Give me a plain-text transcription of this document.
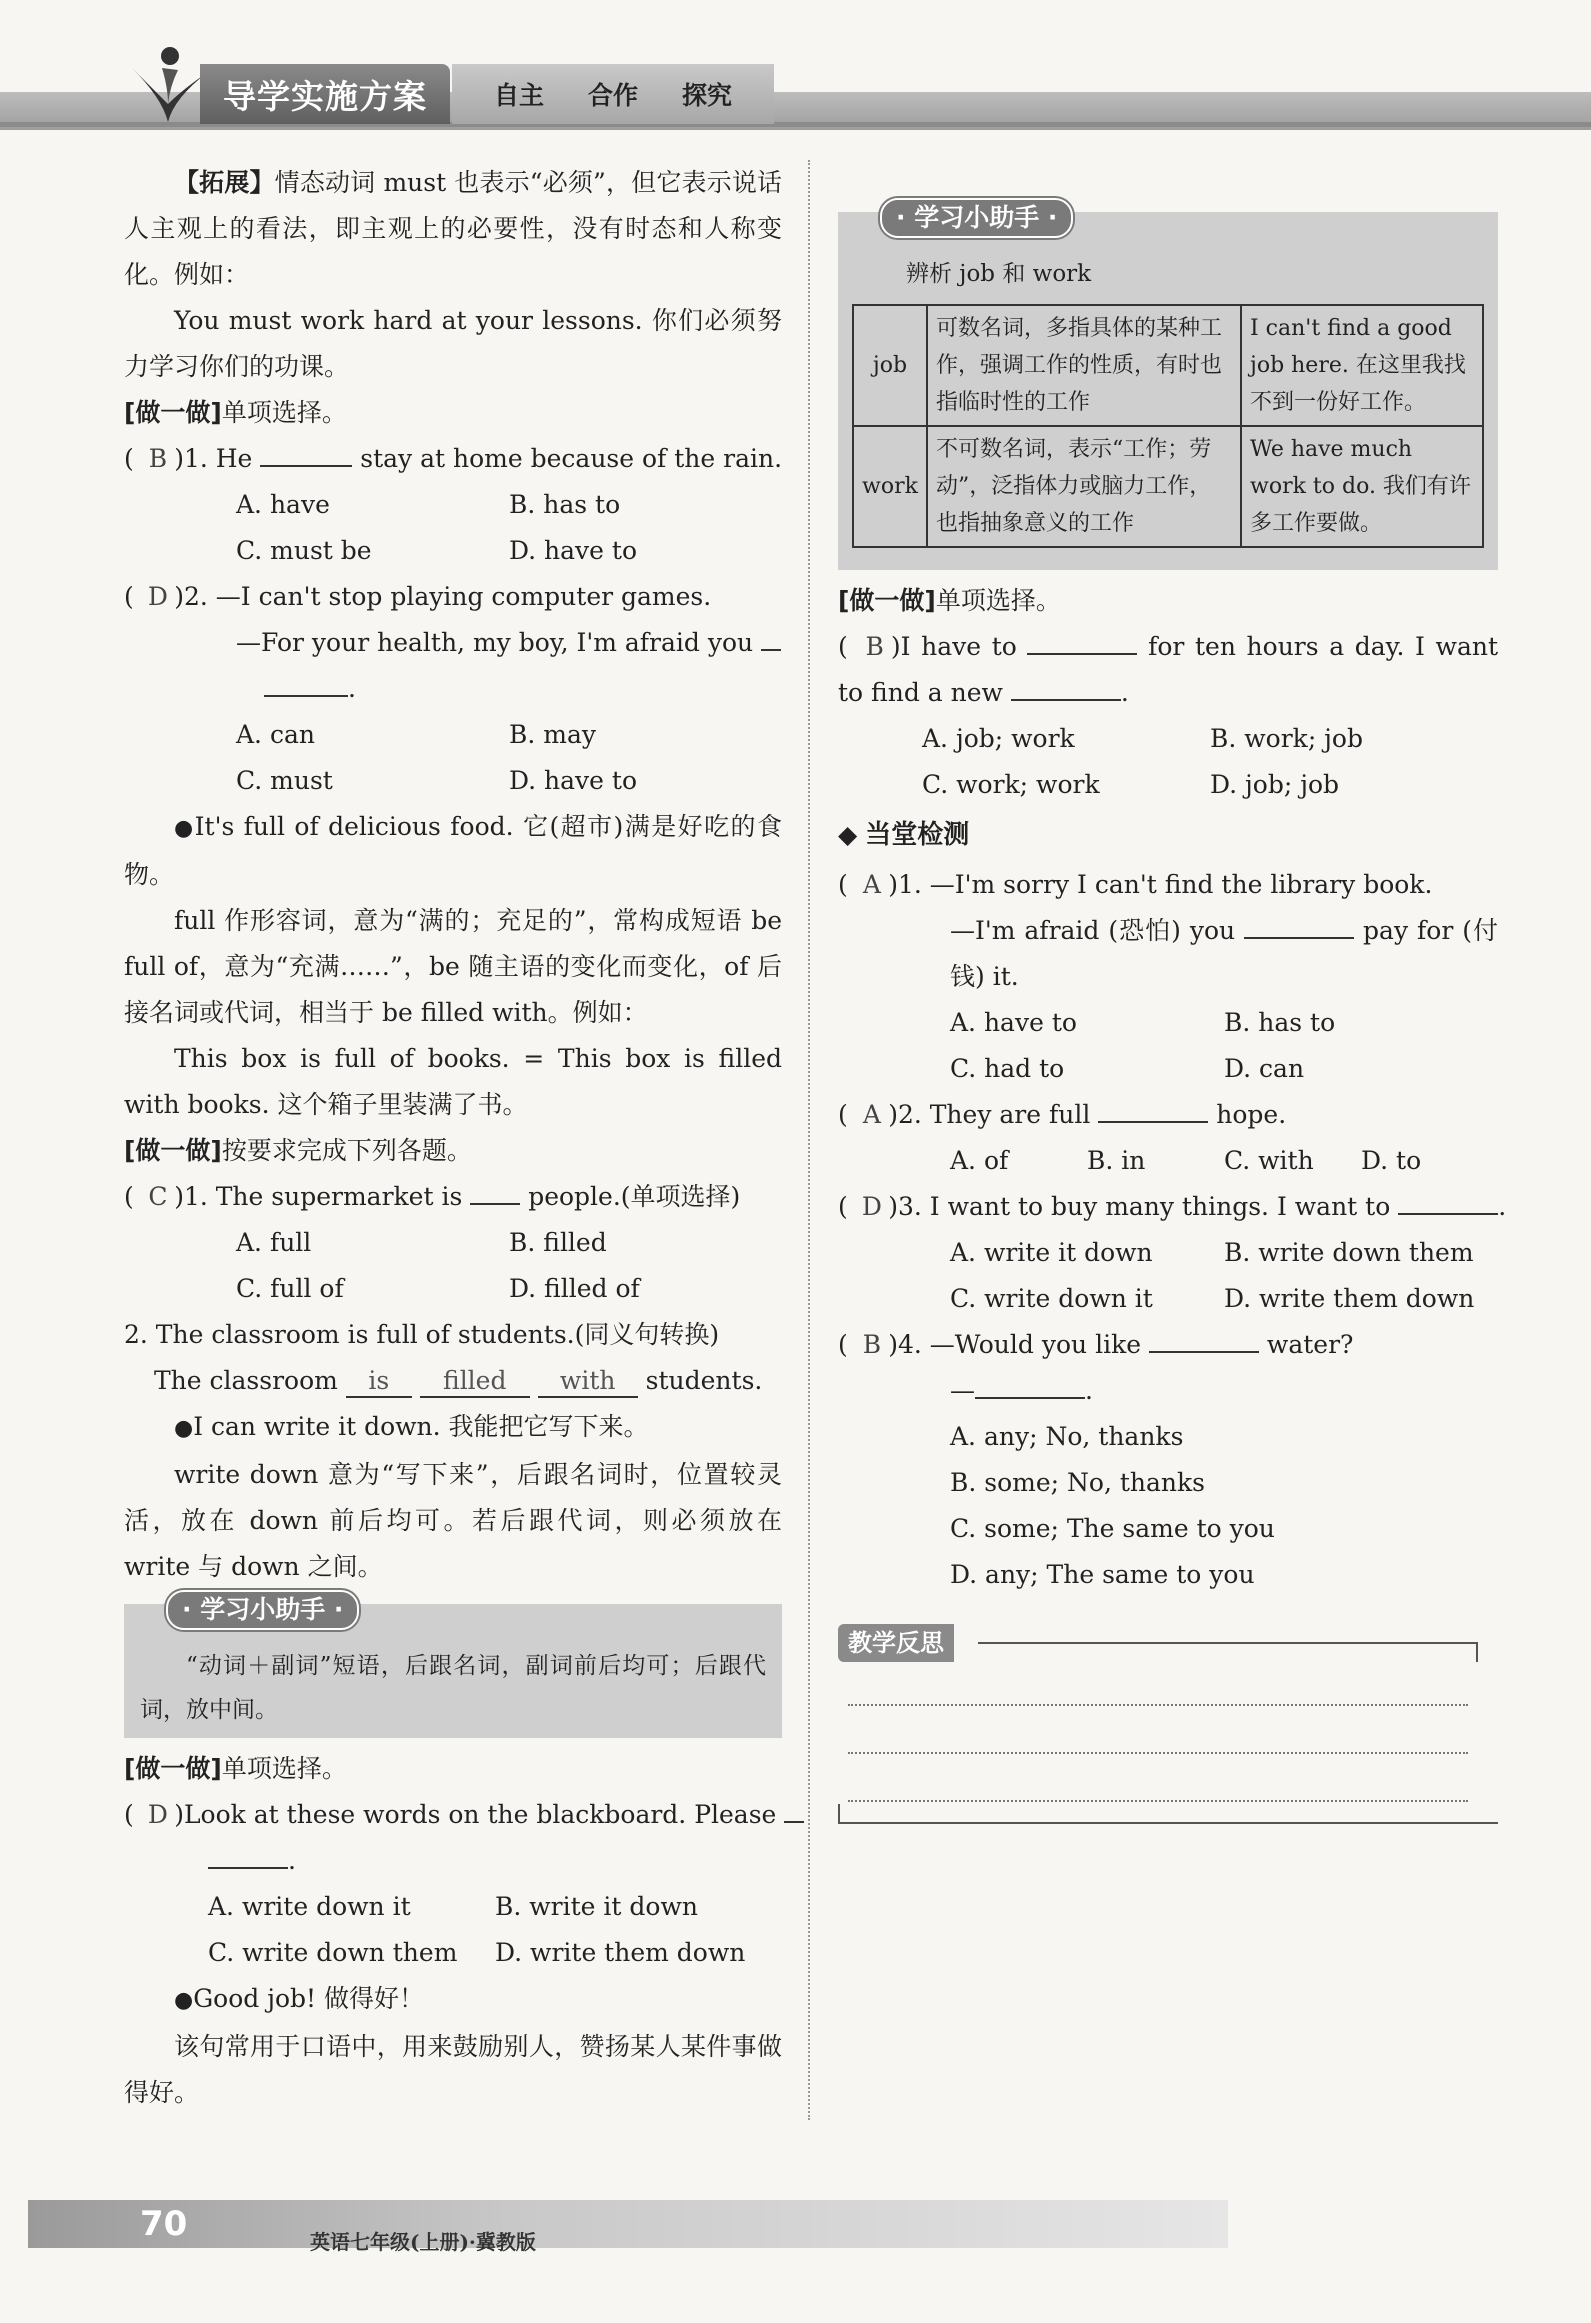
导学实施方案	自主 合作 探究
【拓展】情态动词 must 也表示“必须”，但它表示说话人主观上的看法，即主观上的必要性，没有时态和人称变化。例如：
You must work hard at your lessons. 你们必须努力学习你们的功课。
[做一做]单项选择。
( B )1. He	stay at home because of the rain.
A. have	B. has to
C. must be	D. have to
( D )2. —I can't stop playing computer games.
—For your health, my boy, I'm afraid you
.
A. can	B. may
C. must	D. have to
●It's full of delicious food. 它(超市)满是好吃的食物。
full 作形容词，意为“满的；充足的”，常构成短语 be full of，意为“充满……”，be 随主语的变化而变化，of 后接名词或代词，相当于 be filled with。例如：
This box is full of books. = This box is filled with books. 这个箱子里装满了书。
[做一做]按要求完成下列各题。
( C )1. The supermarket is	people.(单项选择)
A. full	B. filled
C. full of	D. filled of
2. The classroom is full of students.(同义句转换)
The classroom is filled with students.
●I can write it down. 我能把它写下来。
write down 意为“写下来”，后跟名词时，位置较灵活，放在 down 前后均可。若后跟代词，则必须放在 write 与 down 之间。
· 学习小助手 ·
“动词＋副词”短语，后跟名词，副词前后均可；后跟代词，放中间。
[做一做]单项选择。
( D )Look at these words on the blackboard. Please
.
A. write down it	B. write it down
C. write down them	D. write them down
●Good job! 做得好！
该句常用于口语中，用来鼓励别人，赞扬某人某件事做得好。
· 学习小助手 ·
辨析 job 和 work
job	可数名词，多指具体的某种工作，强调工作的性质，有时也指临时性的工作	I can't find a good job here. 在这里我找不到一份好工作。
work	不可数名词，表示“工作；劳动”，泛指体力或脑力工作，也指抽象意义的工作	We have much work to do. 我们有许多工作要做。
[做一做]单项选择。
( B )I have to	for ten hours a day. I want to find a new	.
A. job; work	B. work; job
C. work; work	D. job; job
◆ 当堂检测
( A )1. —I'm sorry I can't find the library book.
—I'm afraid (恐怕) you	pay for (付钱) it.
A. have to	B. has to
C. had to	D. can
( A )2. They are full	hope.
A. of	B. in	C. with	D. to
( D )3. I want to buy many things. I want to	.
A. write it down	B. write down them
C. write down it	D. write them down
( B )4. —Would you like	water?
—	.
A. any; No, thanks
B. some; No, thanks
C. some; The same to you
D. any; The same to you
教学反思
70	英语七年级(上册)·冀教版
